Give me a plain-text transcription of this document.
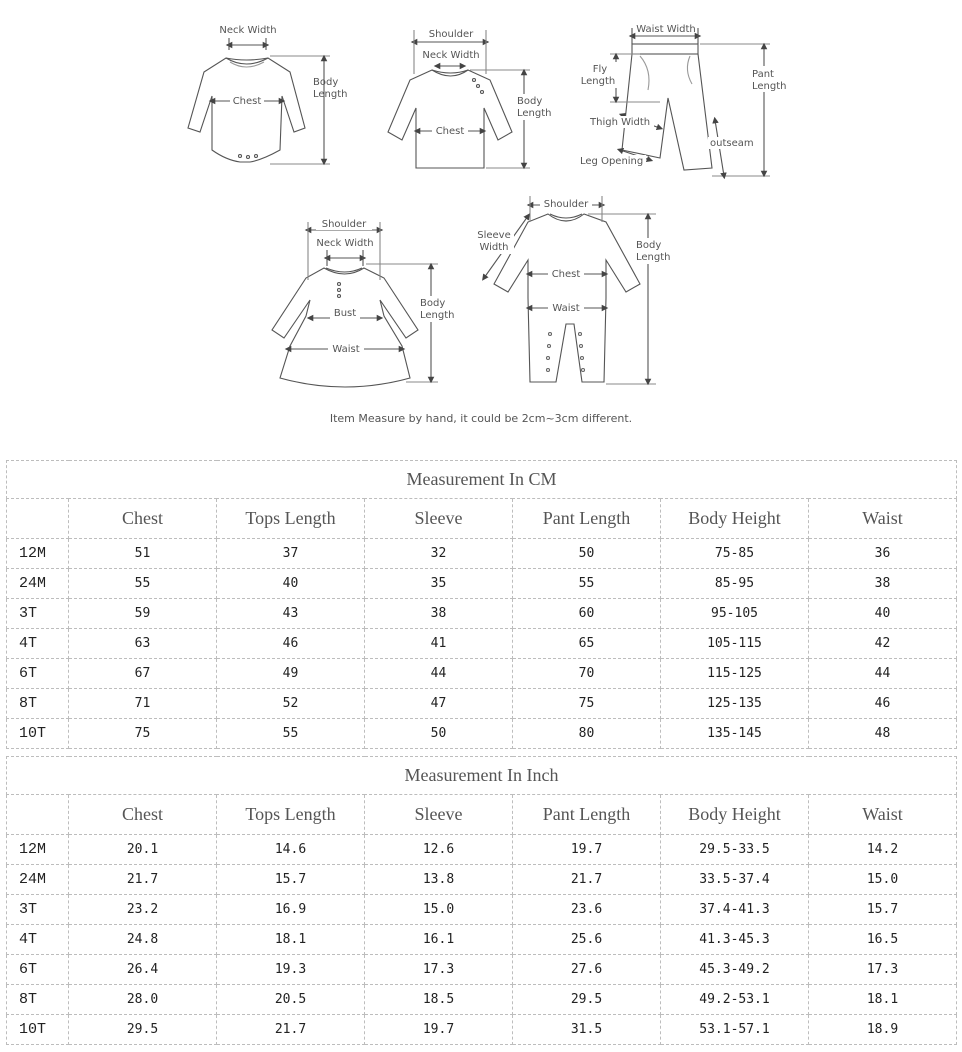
Neck Width
Chest
Body
Length
Shoulder
Neck Width
Chest
Body
Length
Waist Width
Fly
Length
Pant
Length
Thigh Width
outseam
Leg Opening
Shoulder
Neck Width
Bust
Waist
Body
Length
Shoulder
Sleeve
Width
Chest
Waist
Body
Length
Item Measure by hand, it could be 2cm~3cm different.
Measurement In CM						
	Chest	Tops Length	Sleeve	Pant Length	Body Height	Waist
12M	51	37	32	50	75-85	36
24M	55	40	35	55	85-95	38
3T	59	43	38	60	95-105	40
4T	63	46	41	65	105-115	42
6T	67	49	44	70	115-125	44
8T	71	52	47	75	125-135	46
10T	75	55	50	80	135-145	48
Measurement In Inch						
	Chest	Tops Length	Sleeve	Pant Length	Body Height	Waist
12M	20.1	14.6	12.6	19.7	29.5-33.5	14.2
24M	21.7	15.7	13.8	21.7	33.5-37.4	15.0
3T	23.2	16.9	15.0	23.6	37.4-41.3	15.7
4T	24.8	18.1	16.1	25.6	41.3-45.3	16.5
6T	26.4	19.3	17.3	27.6	45.3-49.2	17.3
8T	28.0	20.5	18.5	29.5	49.2-53.1	18.1
10T	29.5	21.7	19.7	31.5	53.1-57.1	18.9
